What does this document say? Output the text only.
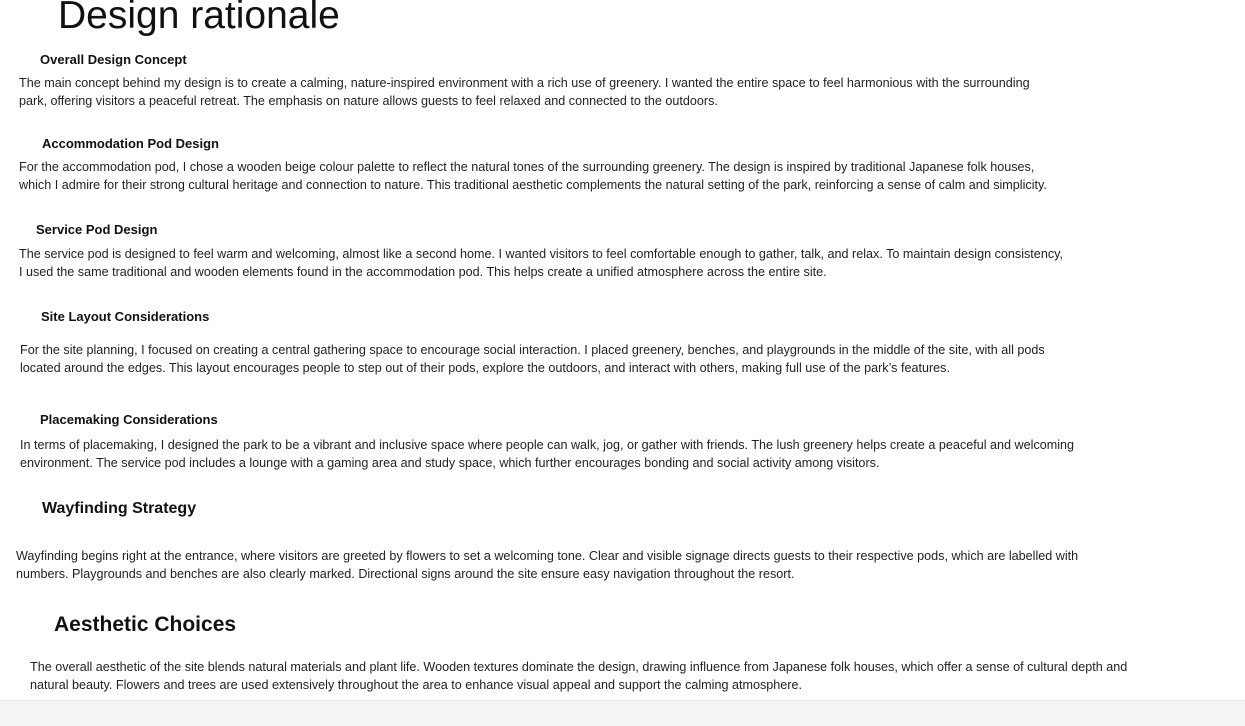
Design rationale
Overall Design Concept

The main concept behind my design is to create a calming, nature-inspired environment with a rich use of greenery. I wanted the entire space to feel harmonious with the surrounding
park, offering visitors a peaceful retreat. The emphasis on nature allows guests to feel relaxed and connected to the outdoors.

Accommodation Pod Design

For the accommodation pod, I chose a wooden beige colour palette to reflect the natural tones of the surrounding greenery. The design is inspired by traditional Japanese folk houses,
which I admire for their strong cultural heritage and connection to nature. This traditional aesthetic complements the natural setting of the park, reinforcing a sense of calm and simplicity.

Service Pod Design

The service pod is designed to feel warm and welcoming, almost like a second home. I wanted visitors to feel comfortable enough to gather, talk, and relax. To maintain design consistency,
I used the same traditional and wooden elements found in the accommodation pod. This helps create a unified atmosphere across the entire site.

Site Layout Considerations

For the site planning, I focused on creating a central gathering space to encourage social interaction. I placed greenery, benches, and playgrounds in the middle of the site, with all pods
located around the edges. This layout encourages people to step out of their pods, explore the outdoors, and interact with others, making full use of the park’s features.

Placemaking Considerations

In terms of placemaking, I designed the park to be a vibrant and inclusive space where people can walk, jog, or gather with friends. The lush greenery helps create a peaceful and welcoming
environment. The service pod includes a lounge with a gaming area and study space, which further encourages bonding and social activity among visitors.

Wayfinding Strategy

Wayfinding begins right at the entrance, where visitors are greeted by flowers to set a welcoming tone. Clear and visible signage directs guests to their respective pods, which are labelled with
numbers. Playgrounds and benches are also clearly marked. Directional signs around the site ensure easy navigation throughout the resort.

Aesthetic Choices

The overall aesthetic of the site blends natural materials and plant life. Wooden textures dominate the design, drawing influence from Japanese folk houses, which offer a sense of cultural depth and
natural beauty. Flowers and trees are used extensively throughout the area to enhance visual appeal and support the calming atmosphere.
